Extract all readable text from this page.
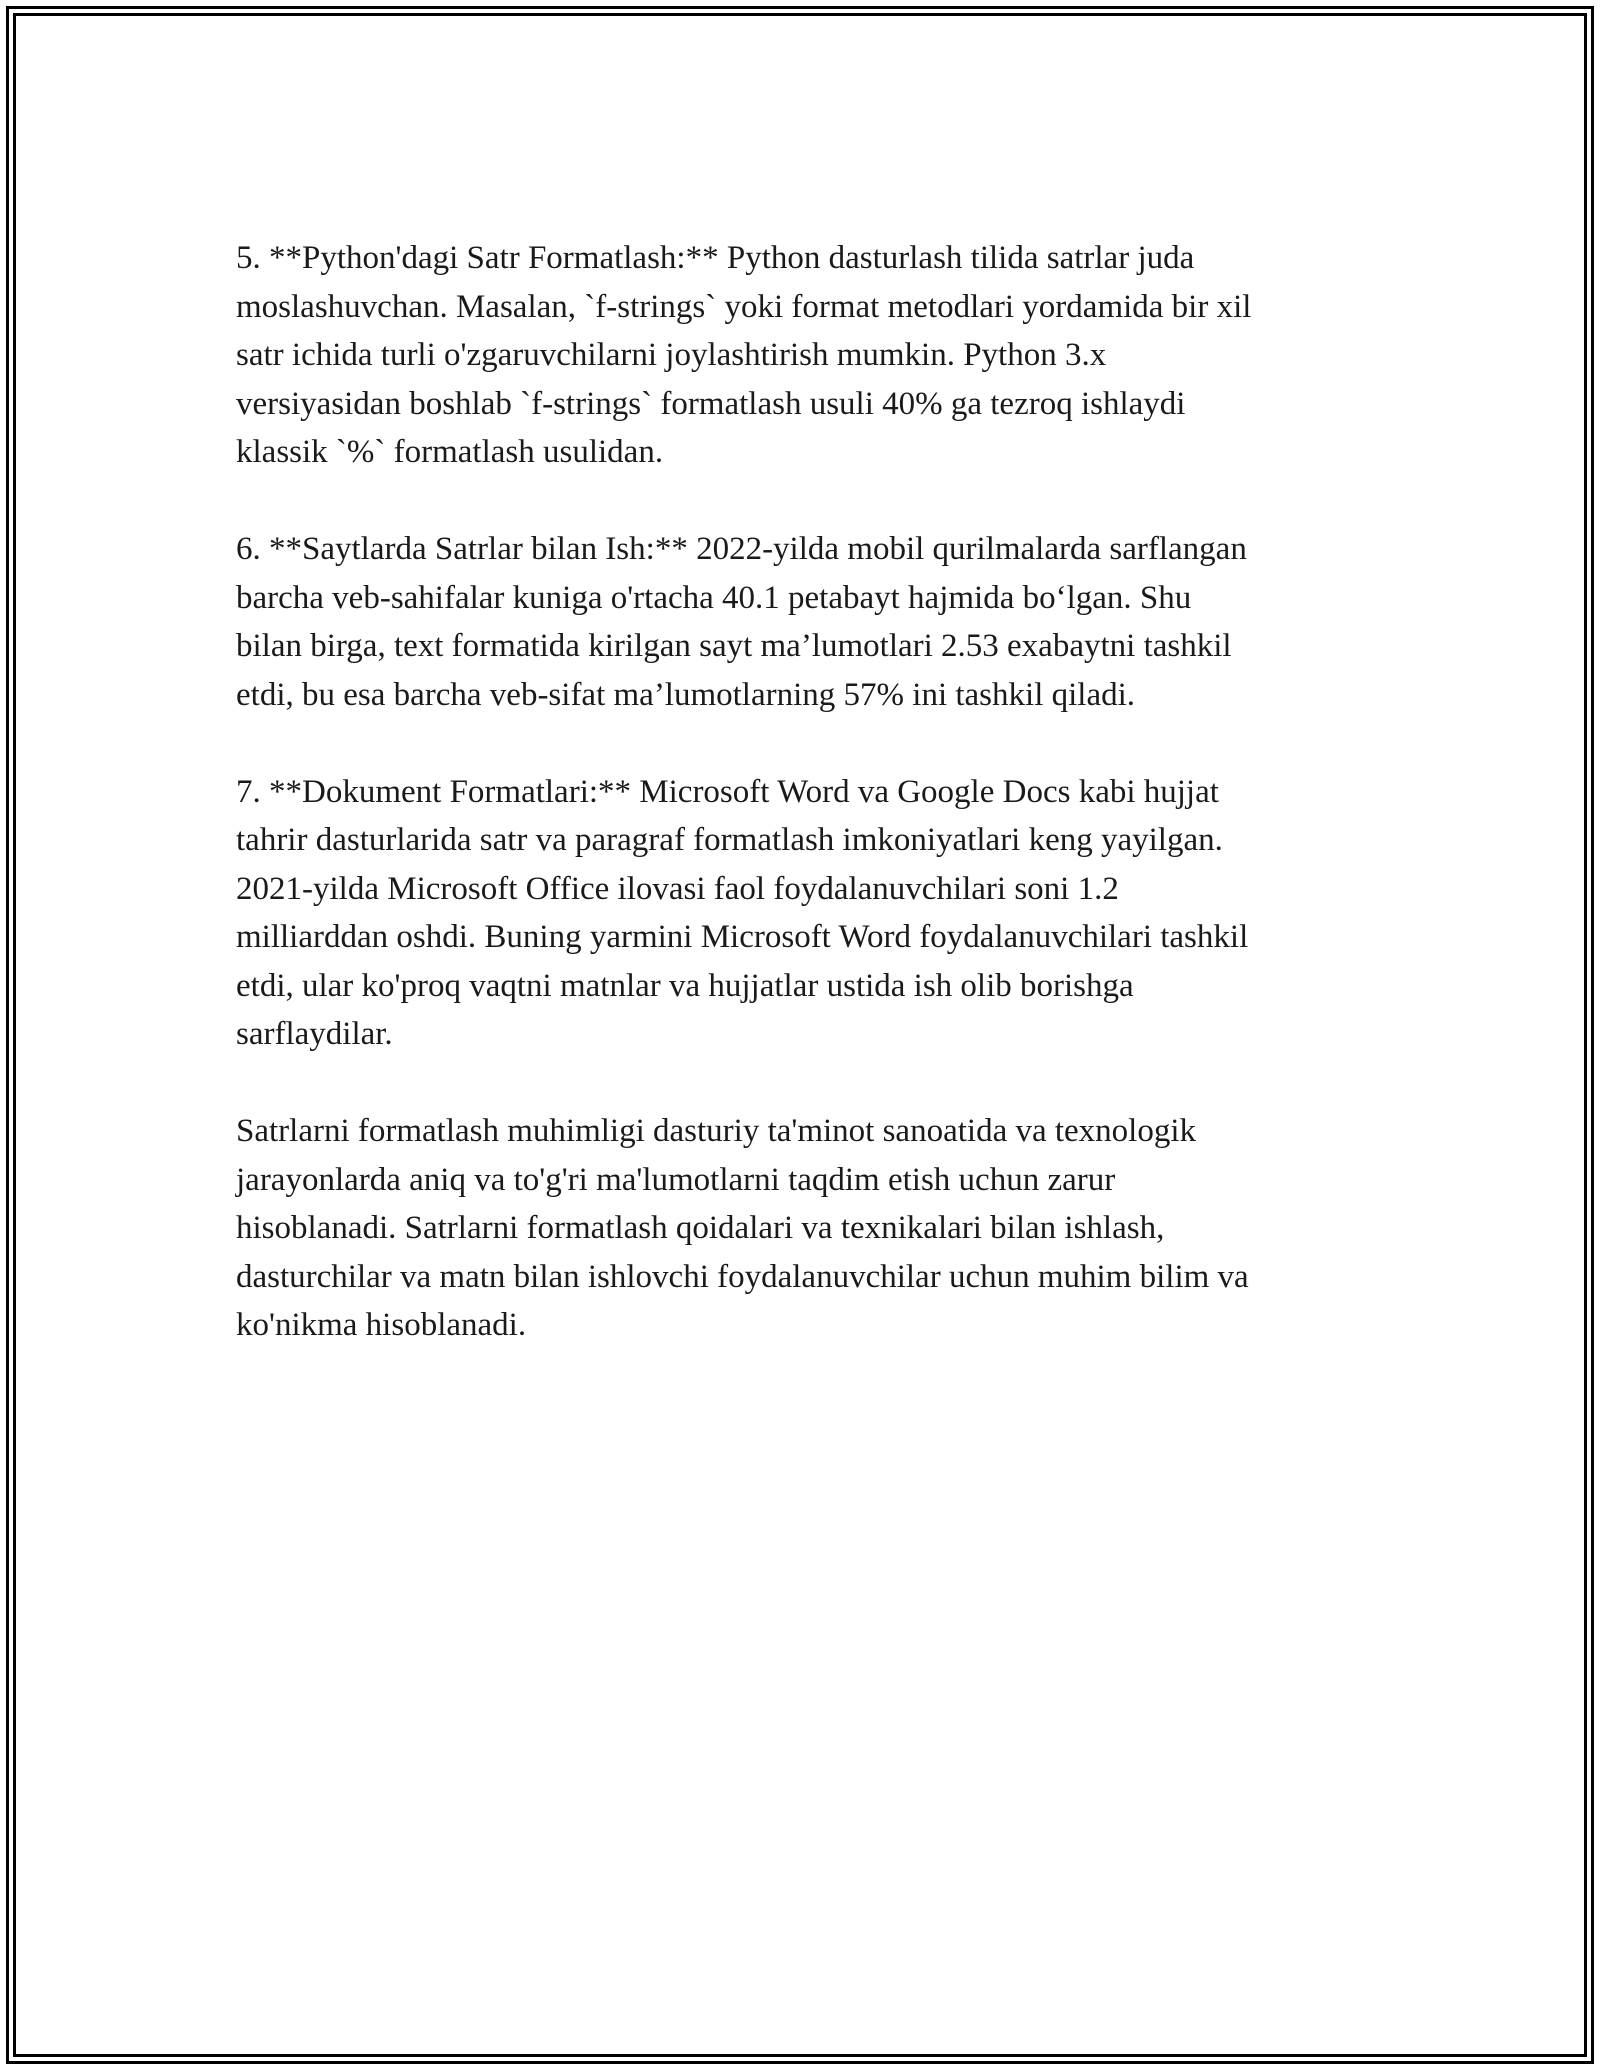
5. **Python'dagi Satr Formatlash:** Python dasturlash tilida satrlar juda
moslashuvchan. Masalan, `f-strings` yoki format metodlari yordamida bir xil
satr ichida turli o'zgaruvchilarni joylashtirish mumkin. Python 3.x
versiyasidan boshlab `f-strings` formatlash usuli 40% ga tezroq ishlaydi
klassik `%` formatlash usulidan.

6. **Saytlarda Satrlar bilan Ish:** 2022-yilda mobil qurilmalarda sarflangan
barcha veb-sahifalar kuniga o'rtacha 40.1 petabayt hajmida bo‘lgan. Shu
bilan birga, text formatida kirilgan sayt ma’lumotlari 2.53 exabaytni tashkil
etdi, bu esa barcha veb-sifat ma’lumotlarning 57% ini tashkil qiladi.

7. **Dokument Formatlari:** Microsoft Word va Google Docs kabi hujjat
tahrir dasturlarida satr va paragraf formatlash imkoniyatlari keng yayilgan.
2021-yilda Microsoft Office ilovasi faol foydalanuvchilari soni 1.2
milliarddan oshdi. Buning yarmini Microsoft Word foydalanuvchilari tashkil
etdi, ular ko'proq vaqtni matnlar va hujjatlar ustida ish olib borishga
sarflaydilar.

Satrlarni formatlash muhimligi dasturiy ta'minot sanoatida va texnologik
jarayonlarda aniq va to'g'ri ma'lumotlarni taqdim etish uchun zarur
hisoblanadi. Satrlarni formatlash qoidalari va texnikalari bilan ishlash,
dasturchilar va matn bilan ishlovchi foydalanuvchilar uchun muhim bilim va
ko'nikma hisoblanadi.
